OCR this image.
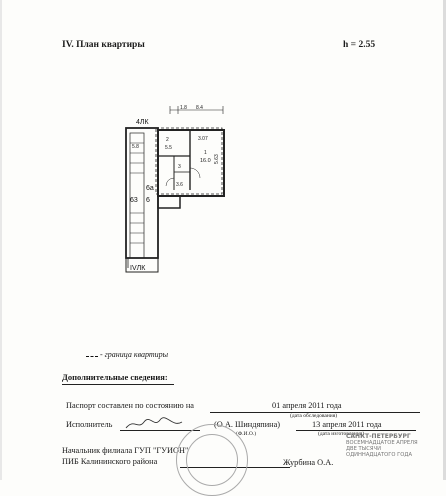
IV. План квартиры	h = 2.55
1.8 8.4
4ЛК
IVЛК
1
16.0
3.07
5.63
2
5.5
3
3.6
5.8
6a
63 6
- граница квартиры
Дополнительные сведения:
Паспорт составлен по состоянию на	01 апреля 2011 года
(дата обследования)
Исполнитель	(О.А. Шиндяпина)
(Ф.И.О.)
13 апреля 2011 года
(дата изготовления)
Начальник филиала ГУП "ГУИОН"
ПИБ Калининского района	Журбина О.А.
САНКТ-ПЕТЕРБУРГ
ВОСЕМНАДЦАТОЕ АПРЕЛЯ
ДВЕ ТЫСЯЧИ
ОДИННАДЦАТОГО ГОДА
